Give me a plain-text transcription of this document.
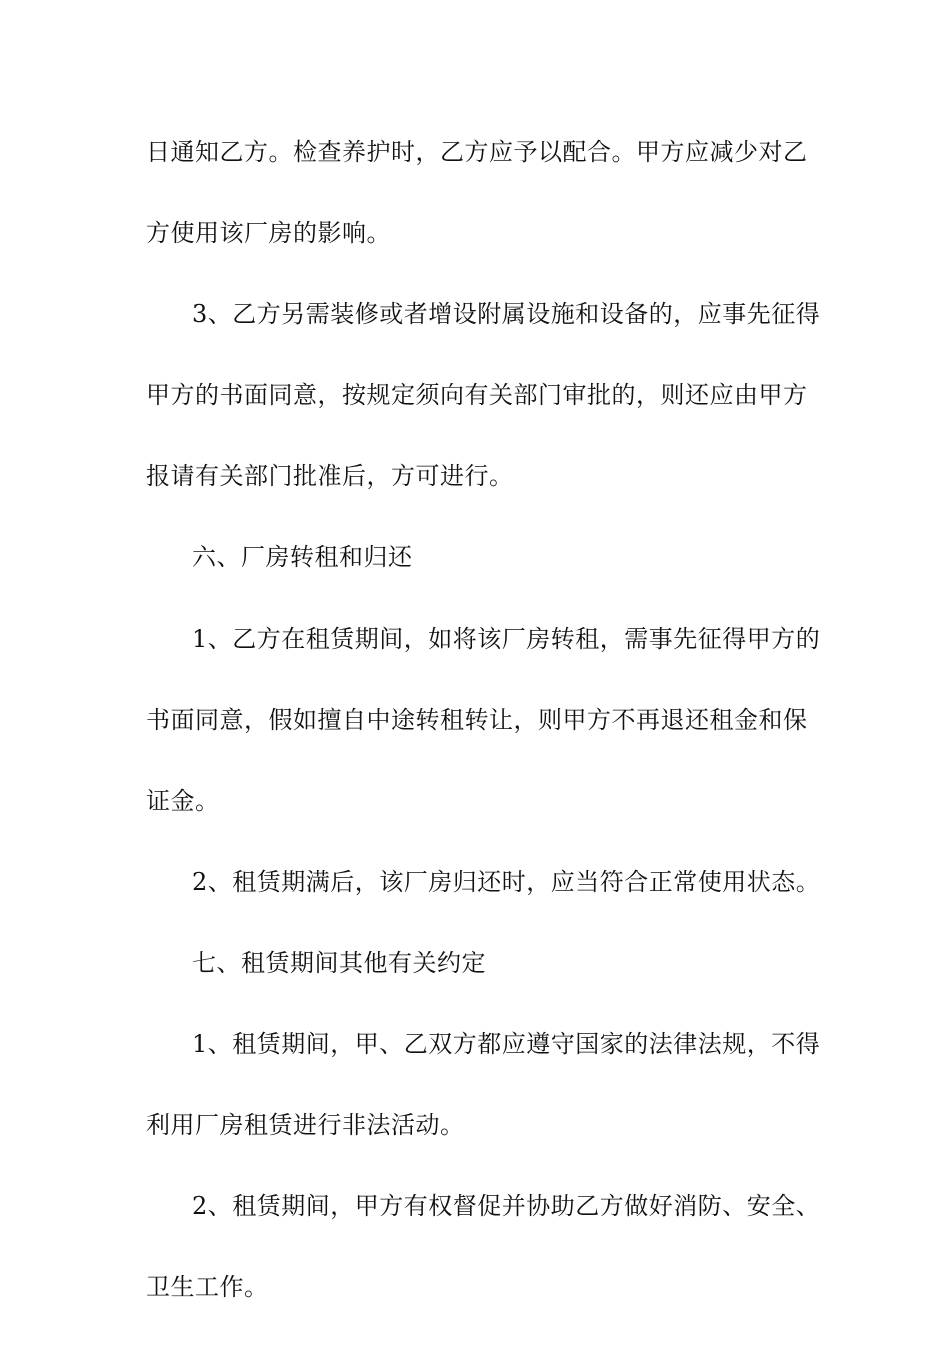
日通知乙方。检查养护时，乙方应予以配合。甲方应减少对乙
方使用该厂房的影响。
3、乙方另需装修或者增设附属设施和设备的，应事先征得
甲方的书面同意，按规定须向有关部门审批的，则还应由甲方
报请有关部门批准后，方可进行。
六、厂房转租和归还
1、乙方在租赁期间，如将该厂房转租，需事先征得甲方的
书面同意，假如擅自中途转租转让，则甲方不再退还租金和保
证金。
2、租赁期满后，该厂房归还时，应当符合正常使用状态。
七、租赁期间其他有关约定
1、租赁期间，甲、乙双方都应遵守国家的法律法规，不得
利用厂房租赁进行非法活动。
2、租赁期间，甲方有权督促并协助乙方做好消防、安全、
卫生工作。
